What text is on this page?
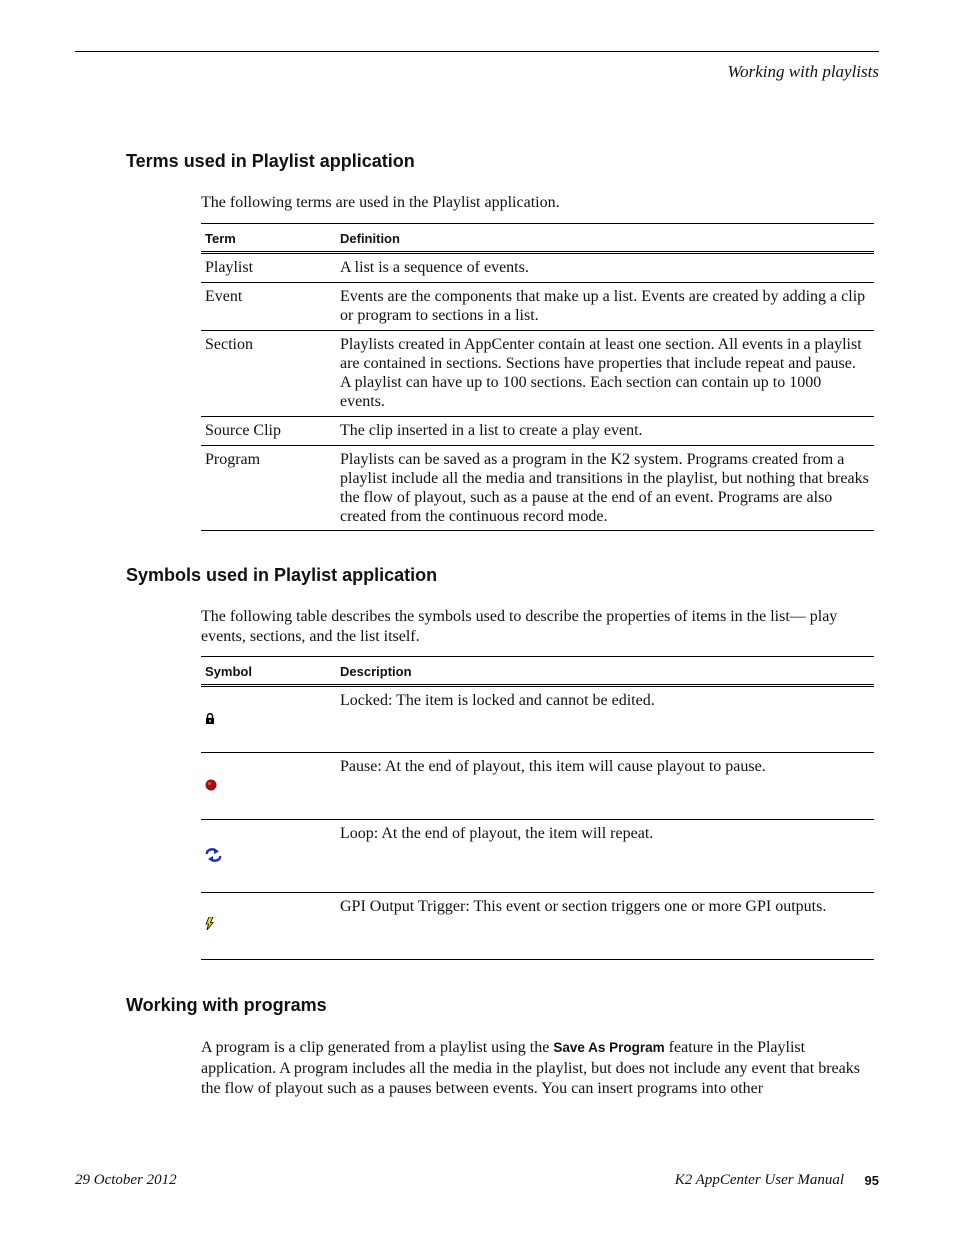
Working with playlists
Terms used in Playlist application
The following terms are used in the Playlist application.
Term	Definition
Playlist	A list is a sequence of events.
Event	Events are the components that make up a list. Events are created by adding a clip or program to sections in a list.
Section	Playlists created in AppCenter contain at least one section. All events in a playlist are contained in sections. Sections have properties that include repeat and pause. A playlist can have up to 100 sections. Each section can contain up to 1000 events.
Source Clip	The clip inserted in a list to create a play event.
Program	Playlists can be saved as a program in the K2 system. Programs created from a playlist include all the media and transitions in the playlist, but nothing that breaks the flow of playout, such as a pause at the end of an event. Programs are also created from the continuous record mode.
Symbols used in Playlist application
The following table describes the symbols used to describe the properties of items in the list— play events, sections, and the list itself.
Symbol	Description

	Locked: The item is locked and cannot be edited.

	Pause: At the end of playout, this item will cause playout to pause.

	Loop: At the end of playout, the item will repeat.

	GPI Output Trigger: This event or section triggers one or more GPI outputs.
Working with programs
A program is a clip generated from a playlist using the Save As Program feature in the Playlist application. A program includes all the media in the playlist, but does not include any event that breaks the flow of playout such as a pauses between events. You can insert programs into other
29 October 2012	K2 AppCenter User Manual 95
